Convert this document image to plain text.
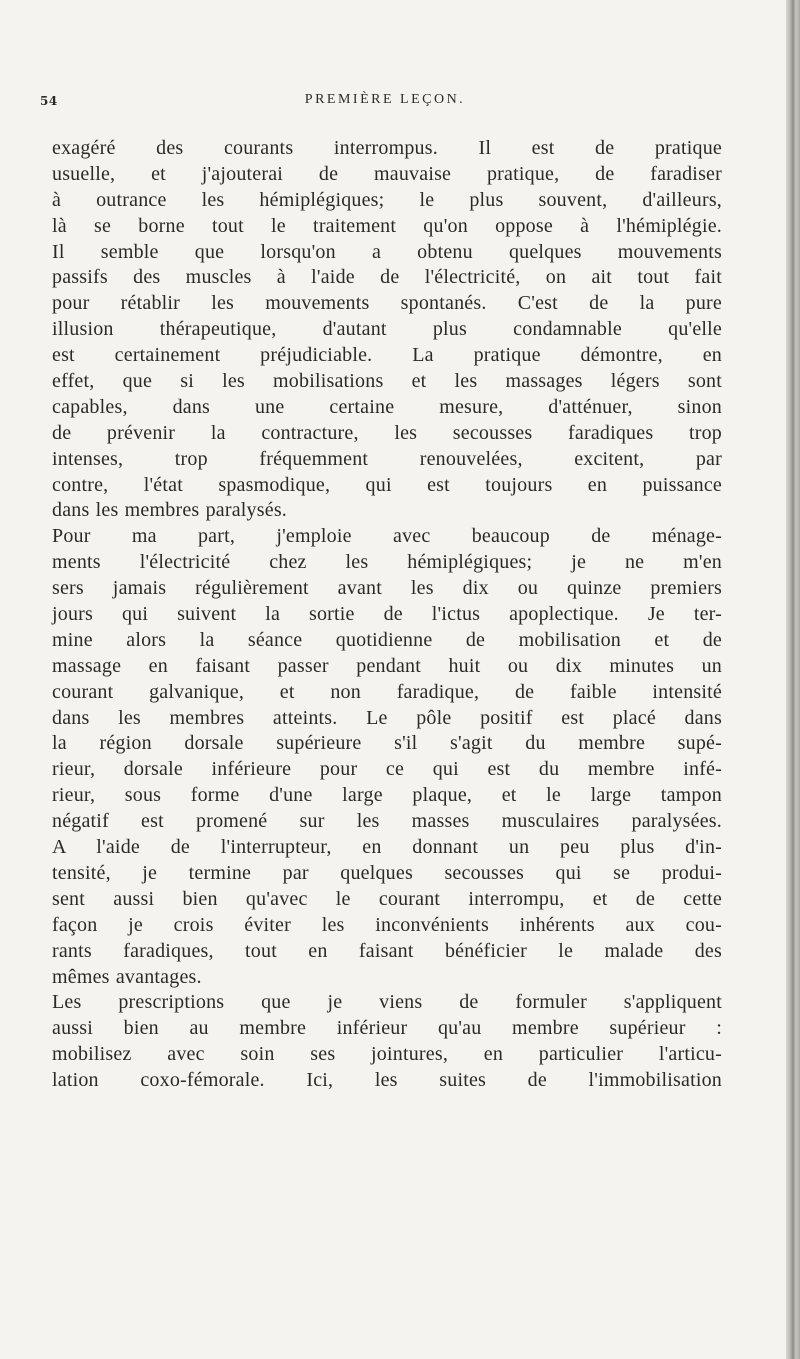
54	PREMIÈRE LEÇON.
exagéré des courants interrompus. Il est de pratique
usuelle, et j'ajouterai de mauvaise pratique, de faradiser
à outrance les hémiplégiques; le plus souvent, d'ailleurs,
là se borne tout le traitement qu'on oppose à l'hémiplégie.
Il semble que lorsqu'on a obtenu quelques mouvements
passifs des muscles à l'aide de l'électricité, on ait tout fait
pour rétablir les mouvements spontanés. C'est de la pure
illusion thérapeutique, d'autant plus condamnable qu'elle
est certainement préjudiciable. La pratique démontre, en
effet, que si les mobilisations et les massages légers sont
capables, dans une certaine mesure, d'atténuer, sinon
de prévenir la contracture, les secousses faradiques trop
intenses, trop fréquemment renouvelées, excitent, par
contre, l'état spasmodique, qui est toujours en puissance
dans les membres paralysés.
Pour ma part, j'emploie avec beaucoup de ménage-
ments l'électricité chez les hémiplégiques; je ne m'en
sers jamais régulièrement avant les dix ou quinze premiers
jours qui suivent la sortie de l'ictus apoplectique. Je ter-
mine alors la séance quotidienne de mobilisation et de
massage en faisant passer pendant huit ou dix minutes un
courant galvanique, et non faradique, de faible intensité
dans les membres atteints. Le pôle positif est placé dans
la région dorsale supérieure s'il s'agit du membre supé-
rieur, dorsale inférieure pour ce qui est du membre infé-
rieur, sous forme d'une large plaque, et le large tampon
négatif est promené sur les masses musculaires paralysées.
A l'aide de l'interrupteur, en donnant un peu plus d'in-
tensité, je termine par quelques secousses qui se produi-
sent aussi bien qu'avec le courant interrompu, et de cette
façon je crois éviter les inconvénients inhérents aux cou-
rants faradiques, tout en faisant bénéficier le malade des
mêmes avantages.
Les prescriptions que je viens de formuler s'appliquent
aussi bien au membre inférieur qu'au membre supérieur :
mobilisez avec soin ses jointures, en particulier l'articu-
lation coxo-fémorale. Ici, les suites de l'immobilisation
